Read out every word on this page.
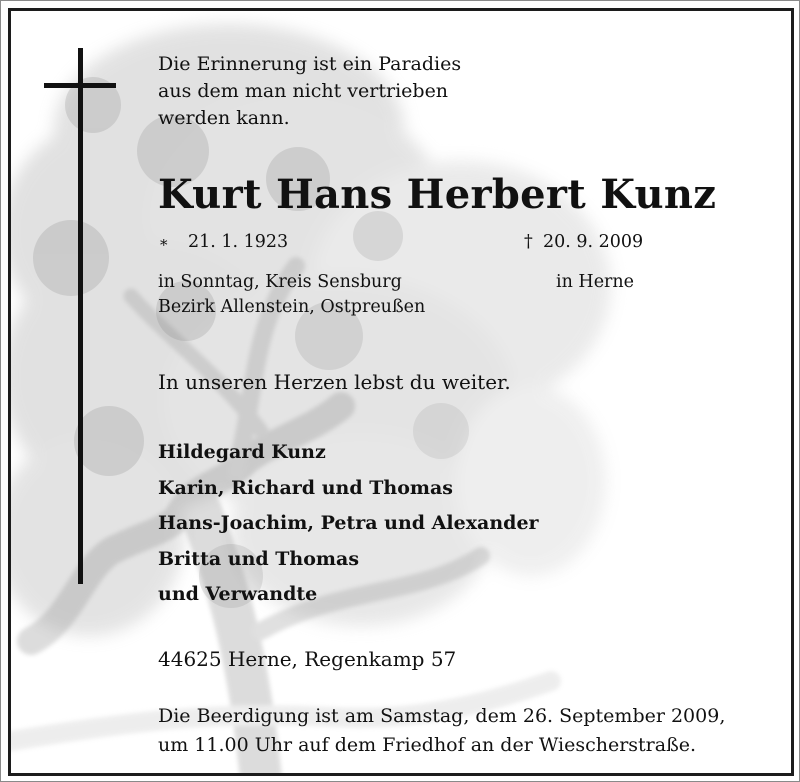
Die Erinnerung ist ein Paradies
aus dem man nicht vertrieben
werden kann.
Kurt Hans Herbert Kunz
* 21. 1. 1923	† 20. 9. 2009
in Sonntag, Kreis Sensburg
Bezirk Allenstein, Ostpreußen
in Herne
In unseren Herzen lebst du weiter.
Hildegard Kunz
Karin, Richard und Thomas
Hans-Joachim, Petra und Alexander
Britta und Thomas
und Verwandte
44625 Herne, Regenkamp 57
Die Beerdigung ist am Samstag, dem 26. September 2009,
um 11.00 Uhr auf dem Friedhof an der Wiescherstraße.
